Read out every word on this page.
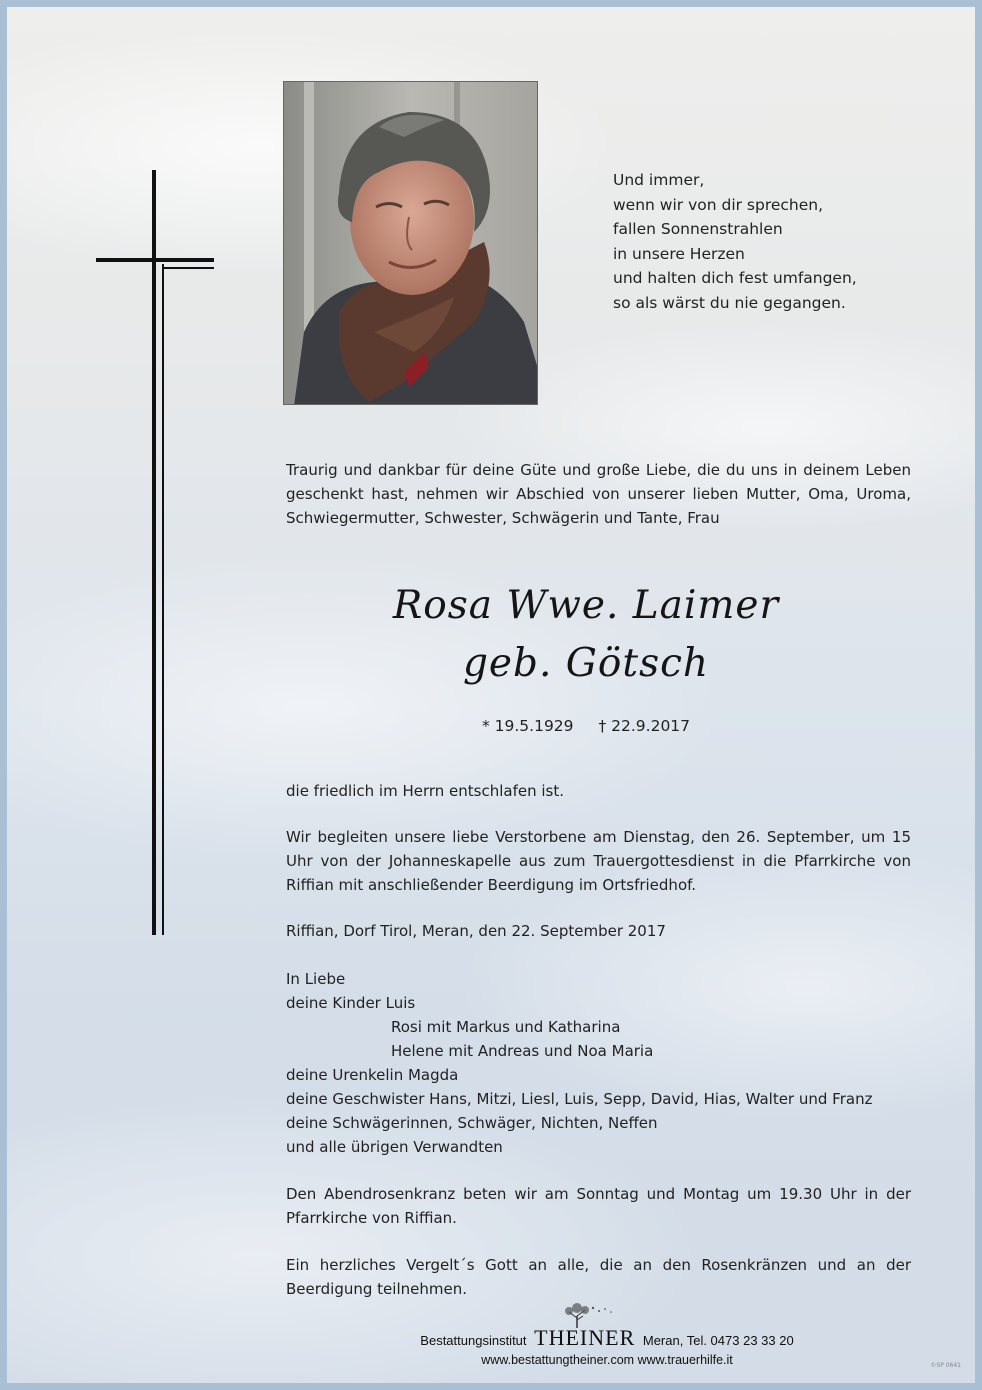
Und immer,
wenn wir von dir sprechen,
fallen Sonnenstrahlen
in unsere Herzen
und halten dich fest umfangen,
so als wärst du nie gegangen.
Traurig und dankbar für deine Güte und große Liebe, die du uns in deinem Leben geschenkt hast, nehmen wir Abschied von unserer lieben Mutter, Oma, Uroma, Schwiegermutter, Schwester, Schwägerin und Tante, Frau
Rosa Wwe. Laimer
geb. Götsch
* 19.5.1929 † 22.9.2017
die friedlich im Herrn entschlafen ist.
Wir begleiten unsere liebe Verstorbene am Dienstag, den 26. September, um 15 Uhr von der Johanneskapelle aus zum Trauergottesdienst in die Pfarrkirche von Riffian mit anschließender Beerdigung im Ortsfriedhof.
Riffian, Dorf Tirol, Meran, den 22. September 2017
In Liebe
deine Kinder Luis
Rosi mit Markus und Katharina
Helene mit Andreas und Noa Maria
deine Urenkelin Magda
deine Geschwister Hans, Mitzi, Liesl, Luis, Sepp, David, Hias, Walter und Franz
deine Schwägerinnen, Schwäger, Nichten, Neffen
und alle übrigen Verwandten
Den Abendrosenkranz beten wir am Sonntag und Montag um 19.30 Uhr in der Pfarrkirche von Riffian.
Ein herzliches Vergelt´s Gott an alle, die an den Rosenkränzen und an der Beerdigung teilnehmen.
Bestattungsinstitut THEINER Meran, Tel. 0473 23 33 20
www.bestattungtheiner.com www.trauerhilfe.it	©SP 0641
